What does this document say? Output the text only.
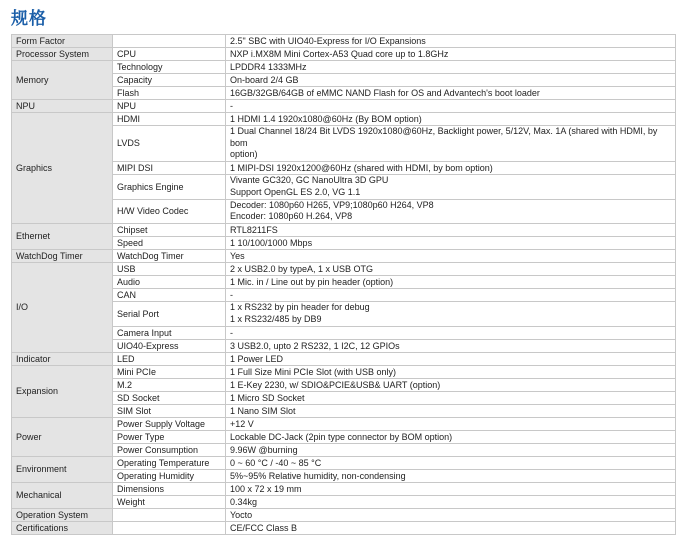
规格
Form Factor		2.5" SBC with UIO40-Express for I/O Expansions
Processor System	CPU	NXP i.MX8M Mini Cortex-A53 Quad core up to 1.8GHz
Memory	Technology	LPDDR4 1333MHz
	Capacity	On-board 2/4 GB
	Flash	16GB/32GB/64GB of eMMC NAND Flash for OS and Advantech's boot loader
NPU	NPU	-
Graphics	HDMI	1 HDMI 1.4 1920x1080@60Hz (By BOM option)
	LVDS	1 Dual Channel 18/24 Bit LVDS 1920x1080@60Hz, Backlight power, 5/12V, Max. 1A (shared with HDMI, by bom
option)

	MIPI DSI	1 MIPI-DSI 1920x1200@60Hz (shared with HDMI, by bom option)
	Graphics Engine	Vivante GC320, GC NanoUltra 3D GPU
Support OpenGL ES 2.0, VG 1.1

	H/W Video Codec	Decoder: 1080p60 H265, VP9;1080p60 H264, VP8
Encoder: 1080p60 H.264, VP8

Ethernet	Chipset	RTL8211FS
	Speed	1 10/100/1000 Mbps
WatchDog Timer	WatchDog Timer	Yes
I/O	USB	2 x USB2.0 by typeA, 1 x USB OTG
	Audio	1 Mic. in / Line out by pin header (option)
	CAN	-
	Serial Port	1 x RS232 by pin header for debug
1 x RS232/485 by DB9

	Camera Input	-
	UIO40-Express	3 USB2.0, upto 2 RS232, 1 I2C, 12 GPIOs
Indicator	LED	1 Power LED
Expansion	Mini PCIe	1 Full Size Mini PCIe Slot (with USB only)
	M.2	1 E-Key 2230, w/ SDIO&PCIE&USB& UART (option)
	SD Socket	1 Micro SD Socket
	SIM Slot	1 Nano SIM Slot
Power	Power Supply Voltage	+12 V
	Power Type	Lockable DC-Jack (2pin type connector by BOM option)
	Power Consumption	9.96W @burning
Environment	Operating Temperature	0 ~ 60 °C / -40 ~ 85 °C
	Operating Humidity	5%~95% Relative humidity, non-condensing
Mechanical	Dimensions	100 x 72 x 19 mm
	Weight	0.34kg
Operation System		Yocto
Certifications		CE/FCC Class B
